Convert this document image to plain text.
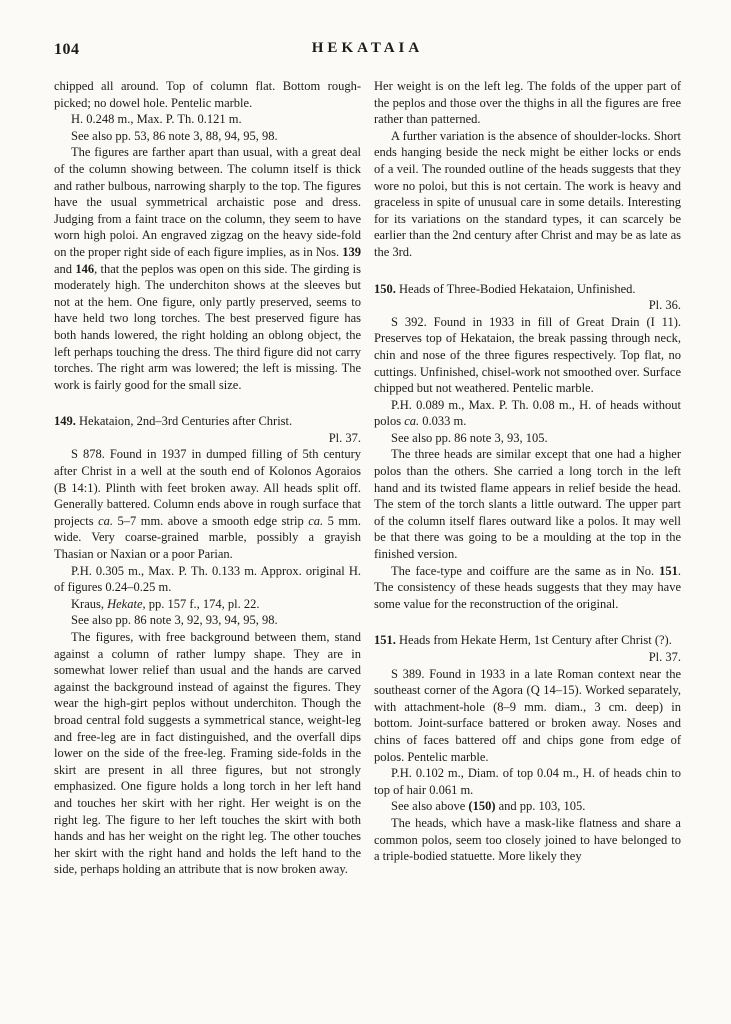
104	HEKATAIA

chipped all around. Top of column flat. Bottom rough-picked; no dowel hole. Pentelic marble.

H. 0.248 m., Max. P. Th. 0.121 m.

See also pp. 53, 86 note 3, 88, 94, 95, 98.

The figures are farther apart than usual, with a great deal of the column showing between. The column itself is thick and rather bulbous, narrowing sharply to the top. The figures have the usual symmetrical archaistic pose and dress. Judging from a faint trace on the column, they seem to have worn high poloi. An engraved zigzag on the heavy side-fold on the proper right side of each figure implies, as in Nos. 139 and 146, that the peplos was open on this side. The girding is moderately high. The underchiton shows at the sleeves but not at the hem. One figure, only partly preserved, seems to have held two long torches. The best preserved figure has both hands lowered, the right holding an oblong object, the left perhaps touching the dress. The third figure did not carry torches. The right arm was lowered; the left is missing. The work is fairly good for the small size.

149. Hekataion, 2nd–3rd Centuries after Christ.

Pl. 37.

S 878. Found in 1937 in dumped filling of 5th century after Christ in a well at the south end of Kolonos Agoraios (B 14:1). Plinth with feet broken away. All heads split off. Generally battered. Column ends above in rough surface that projects ca. 5–7 mm. above a smooth edge strip ca. 5 mm. wide. Very coarse-grained marble, possibly a grayish Thasian or Naxian or a poor Parian.

P.H. 0.305 m., Max. P. Th. 0.133 m. Approx. original H. of figures 0.24–0.25 m.

Kraus, Hekate, pp. 157 f., 174, pl. 22.

See also pp. 86 note 3, 92, 93, 94, 95, 98.

The figures, with free background between them, stand against a column of rather lumpy shape. They are in somewhat lower relief than usual and the hands are carved against the background instead of against the figures. They wear the high-girt peplos without underchiton. Though the broad central fold suggests a symmetrical stance, weight-leg and free-leg are in fact distinguished, and the overfall dips lower on the side of the free-leg. Framing side-folds in the skirt are present in all three figures, but not strongly emphasized. One figure holds a long torch in her left hand and touches her skirt with her right. Her weight is on the right leg. The figure to her left touches the skirt with both hands and has her weight on the right leg. The other touches her skirt with the right hand and holds the left hand to the side, perhaps holding an attribute that is now broken away.

Her weight is on the left leg. The folds of the upper part of the peplos and those over the thighs in all the figures are free rather than patterned.

A further variation is the absence of shoulder-locks. Short ends hanging beside the neck might be either locks or ends of a veil. The rounded outline of the heads suggests that they wore no poloi, but this is not certain. The work is heavy and graceless in spite of unusual care in some details. Interesting for its variations on the standard types, it can scarcely be earlier than the 2nd century after Christ and may be as late as the 3rd.

150. Heads of Three-Bodied Hekataion, Unfinished.

Pl. 36.

S 392. Found in 1933 in fill of Great Drain (I 11). Preserves top of Hekataion, the break passing through neck, chin and nose of the three figures respectively. Top flat, no cuttings. Unfinished, chisel-work not smoothed over. Surface chipped but not weathered. Pentelic marble.

P.H. 0.089 m., Max. P. Th. 0.08 m., H. of heads without polos ca. 0.033 m.

See also pp. 86 note 3, 93, 105.

The three heads are similar except that one had a higher polos than the others. She carried a long torch in the left hand and its twisted flame appears in relief beside the head. The stem of the torch slants a little outward. The upper part of the column itself flares outward like a polos. It may well be that there was going to be a moulding at the top in the finished version.

The face-type and coiffure are the same as in No. 151. The consistency of these heads suggests that they may have some value for the reconstruction of the original.

151. Heads from Hekate Herm, 1st Century after Christ (?).
Pl. 37.

S 389. Found in 1933 in a late Roman context near the southeast corner of the Agora (Q 14–15). Worked separately, with attachment-hole (8–9 mm. diam., 3 cm. deep) in bottom. Joint-surface battered or broken away. Noses and chins of faces battered off and chips gone from edge of polos. Pentelic marble.

P.H. 0.102 m., Diam. of top 0.04 m., H. of heads chin to top of hair 0.061 m.

See also above (150) and pp. 103, 105.

The heads, which have a mask-like flatness and share a common polos, seem too closely joined to have belonged to a triple-bodied statuette. More likely they
